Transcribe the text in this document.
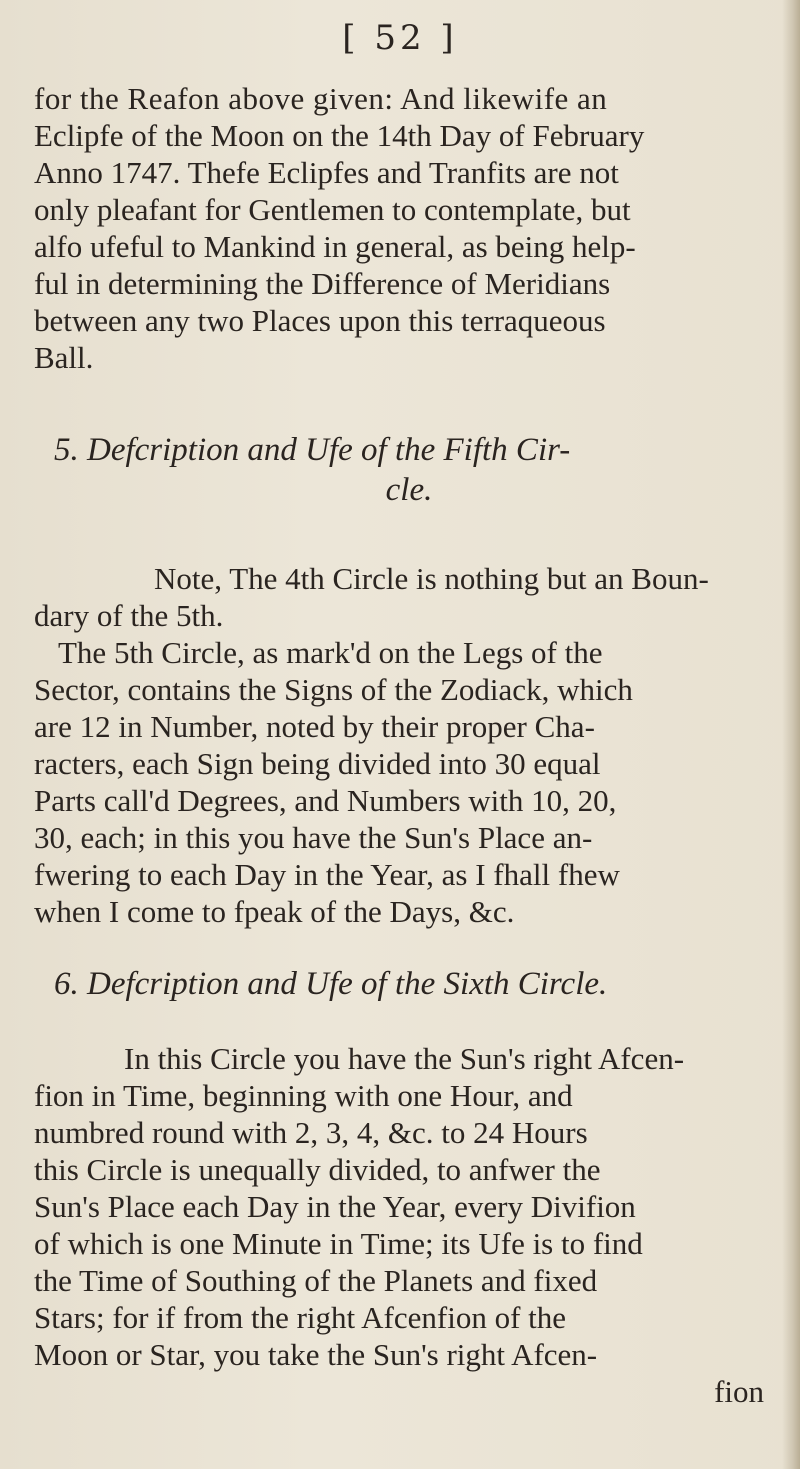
[ 52 ]
for the Reafon above given: And likewife an
Eclipfe of the Moon on the 14th Day of February
Anno 1747. Thefe Eclipfes and Tranfits are not
only pleafant for Gentlemen to contemplate, but
alfo ufeful to Mankind in general, as being help-
ful in determining the Difference of Meridians
between any two Places upon this terraqueous
Ball.
5. Defcription and Ufe of the Fifth Cir-
cle.
Note, The 4th Circle is nothing but an Boun-
dary of the 5th.
The 5th Circle, as mark'd on the Legs of the
Sector, contains the Signs of the Zodiack, which
are 12 in Number, noted by their proper Cha-
racters, each Sign being divided into 30 equal
Parts call'd Degrees, and Numbers with 10, 20,
30, each; in this you have the Sun's Place an-
fwering to each Day in the Year, as I fhall fhew
when I come to fpeak of the Days, &c.
6. Defcription and Ufe of the Sixth Circle.
In this Circle you have the Sun's right Afcen-
fion in Time, beginning with one Hour, and
numbred round with 2, 3, 4, &c. to 24 Hours
this Circle is unequally divided, to anfwer the
Sun's Place each Day in the Year, every Divifion
of which is one Minute in Time; its Ufe is to find
the Time of Southing of the Planets and fixed
Stars; for if from the right Afcenfion of the
Moon or Star, you take the Sun's right Afcen-
fion
